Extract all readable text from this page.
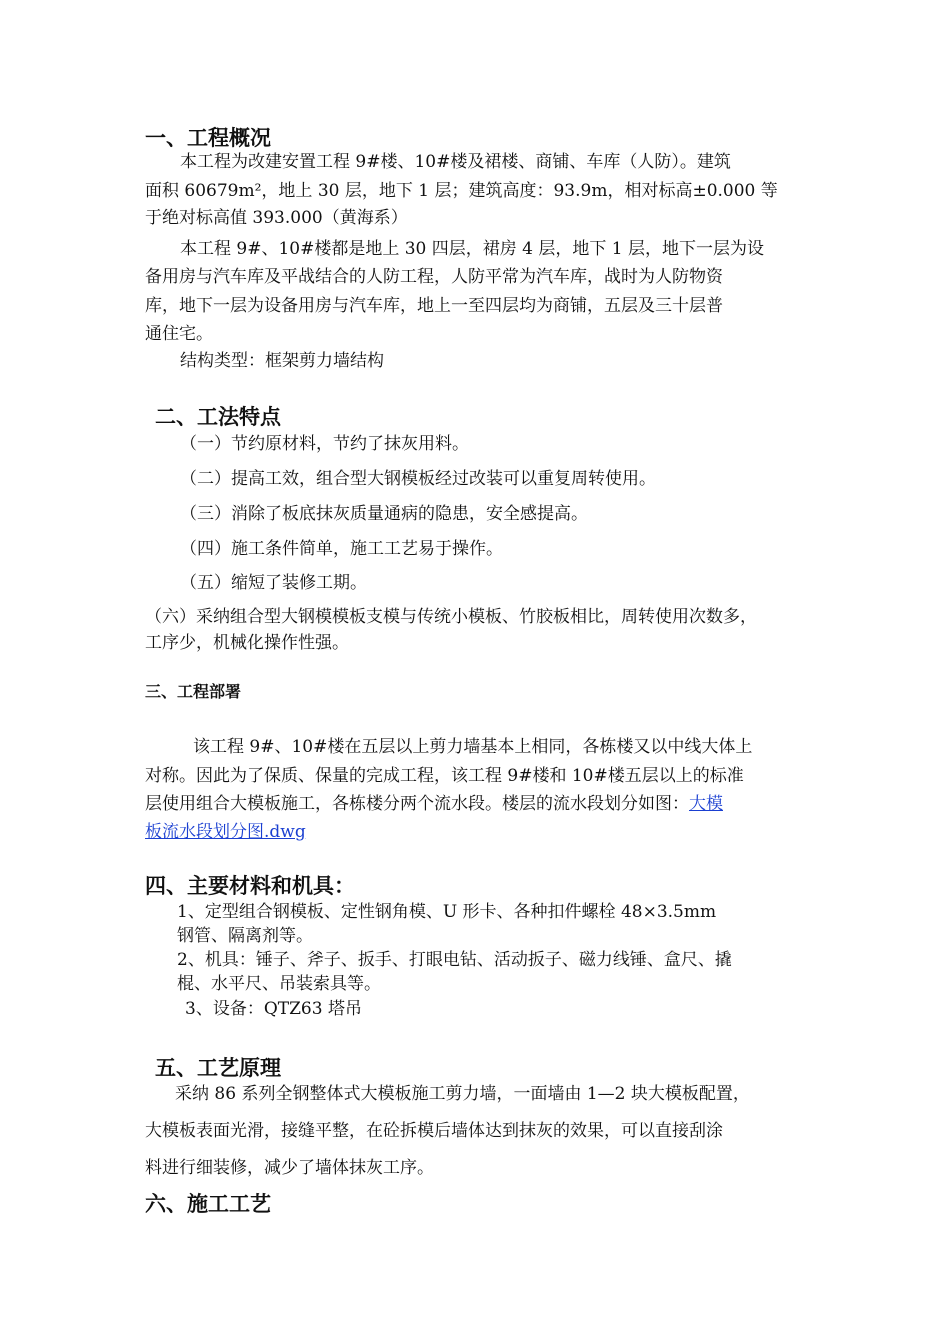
一、工程概况
本工程为改建安置工程 9#楼、10#楼及裙楼、商铺、车库（人防）。建筑
面积 60679m²，地上 30 层，地下 1 层；建筑高度：93.9m，相对标高±0.000 等
于绝对标高值 393.000（黄海系）
本工程 9#、10#楼都是地上 30 四层，裙房 4 层，地下 1 层，地下一层为设
备用房与汽车库及平战结合的人防工程，人防平常为汽车库，战时为人防物资
库，地下一层为设备用房与汽车库，地上一至四层均为商铺，五层及三十层普
通住宅。
结构类型：框架剪力墙结构
二、工法特点
（一）节约原材料，节约了抹灰用料。
（二）提高工效，组合型大钢模板经过改装可以重复周转使用。
（三）消除了板底抹灰质量通病的隐患，安全感提高。
（四）施工条件简单，施工工艺易于操作。
（五）缩短了装修工期。
（六）采纳组合型大钢模模板支模与传统小模板、竹胶板相比，周转使用次数多，
工序少，机械化操作性强。
三、工程部署
该工程 9#、10#楼在五层以上剪力墙基本上相同，各栋楼又以中线大体上
对称。因此为了保质、保量的完成工程，该工程 9#楼和 10#楼五层以上的标准
层使用组合大模板施工，各栋楼分两个流水段。楼层的流水段划分如图：大模
板流水段划分图.dwg
四、主要材料和机具：
1、定型组合钢模板、定性钢角模、U 形卡、各种扣件螺栓 48×3.5mm
钢管、隔离剂等。
2、机具：锤子、斧子、扳手、打眼电钻、活动扳子、磁力线锤、盒尺、撬
棍、水平尺、吊装索具等。
3、设备：QTZ63 塔吊
五、工艺原理
采纳 86 系列全钢整体式大模板施工剪力墙，一面墙由 1—2 块大模板配置，
大模板表面光滑，接缝平整，在砼拆模后墙体达到抹灰的效果，可以直接刮涂
料进行细装修，减少了墙体抹灰工序。
六、施工工艺
